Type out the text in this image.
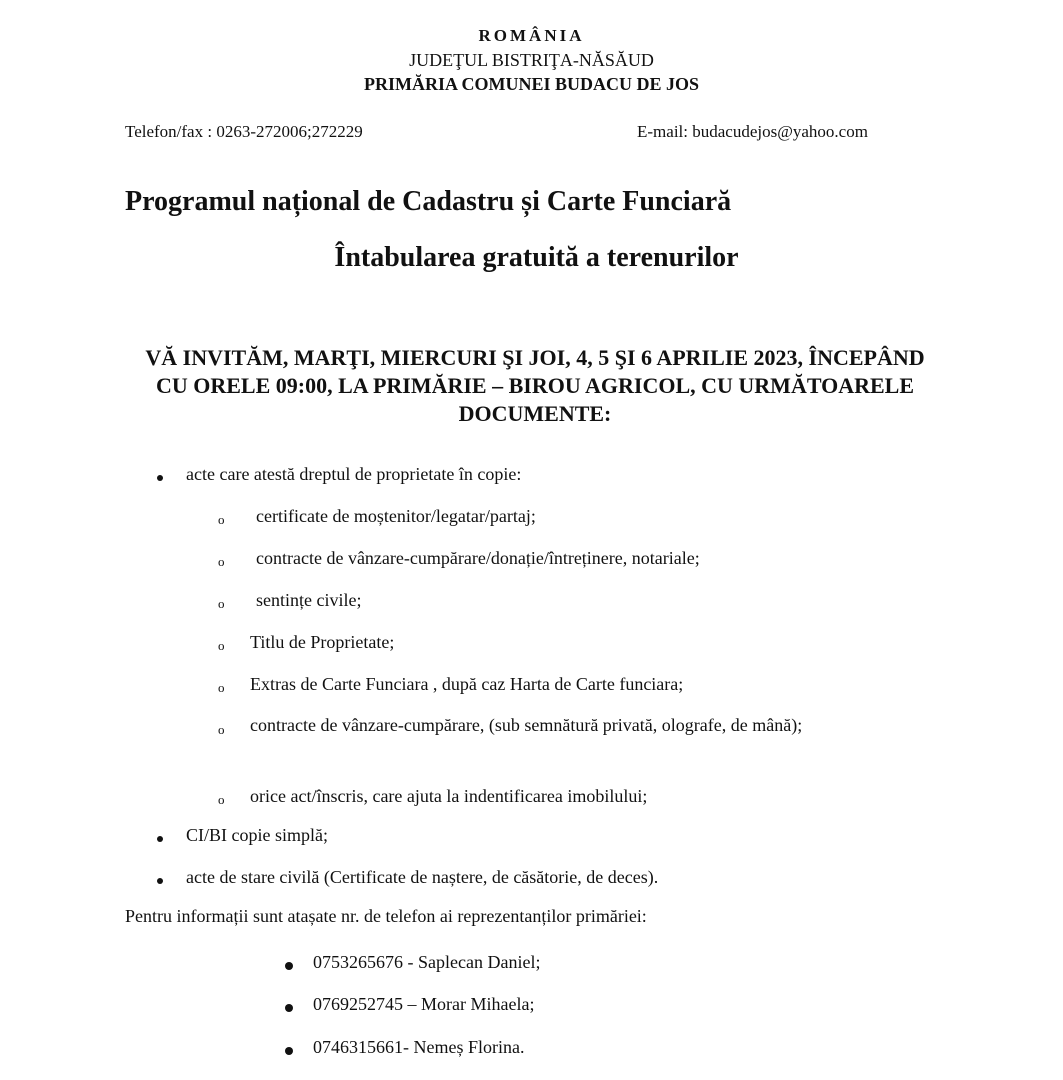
ROMÂNIA
JUDEŢUL BISTRIŢA-NĂSĂUD
PRIMĂRIA COMUNEI BUDACU DE JOS
Telefon/fax : 0263-272006;272229	E-mail: budacudejos@yahoo.com
Programul național de Cadastru și Carte Funciară
Întabularea gratuită a terenurilor
VĂ INVITĂM, MARŢI, MIERCURI ŞI JOI, 4, 5 ŞI 6 APRILIE 2023, ÎNCEPÂND CU ORELE 09:00, LA PRIMĂRIE – BIROU AGRICOL, CU URMĂTOARELE DOCUMENTE:
acte care atestă dreptul de proprietate în copie:
o certificate de moștenitor/legatar/partaj;
o contracte de vânzare-cumpărare/donație/întreținere, notariale;
o sentințe civile;
o Titlu de Proprietate;
o Extras de Carte Funciara , după caz Harta de Carte funciara;
o contracte de vânzare-cumpărare, (sub semnătură privată, olografe, de mână);
o orice act/înscris, care ajuta la indentificarea imobilului;
CI/BI copie simplă;
acte de stare civilă (Certificate de naștere, de căsătorie, de deces).
Pentru informații sunt atașate nr. de telefon ai reprezentanților primăriei:
0753265676 - Saplecan Daniel;
0769252745 – Morar Mihaela;
0746315661- Nemeș Florina.
